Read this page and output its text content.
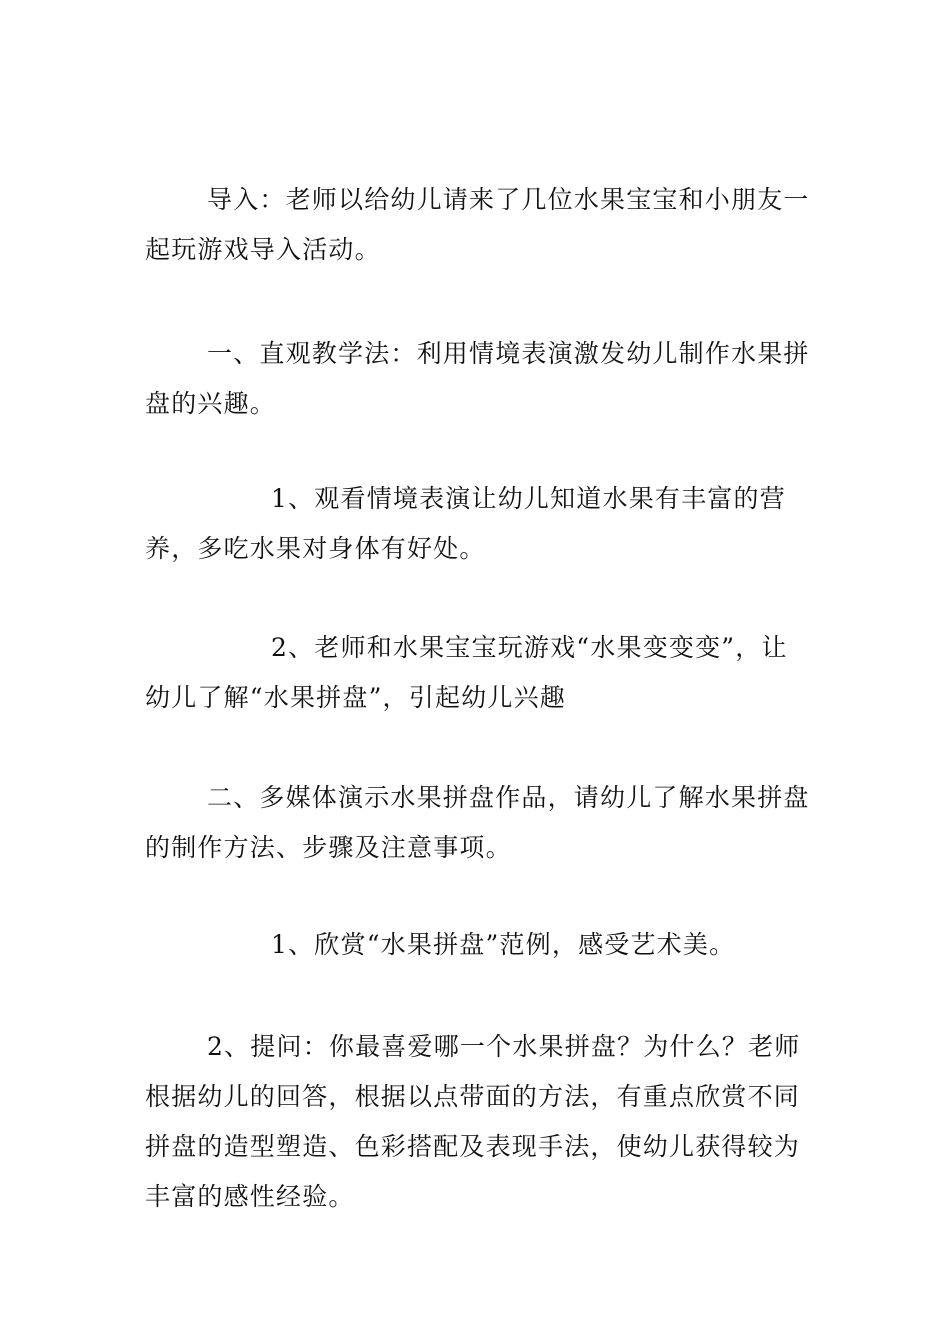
导入：老师以给幼儿请来了几位水果宝宝和小朋友一起玩游戏导入活动。

一、直观教学法：利用情境表演激发幼儿制作水果拼盘的兴趣。

1、观看情境表演让幼儿知道水果有丰富的营养，多吃水果对身体有好处。

2、老师和水果宝宝玩游戏“水果变变变”，让幼儿了解“水果拼盘”，引起幼儿兴趣

二、多媒体演示水果拼盘作品，请幼儿了解水果拼盘的制作方法、步骤及注意事项。

1、欣赏“水果拼盘”范例，感受艺术美。

2、提问：你最喜爱哪一个水果拼盘？为什么？老师根据幼儿的回答，根据以点带面的方法，有重点欣赏不同拼盘的造型塑造、色彩搭配及表现手法，使幼儿获得较为丰富的感性经验。
